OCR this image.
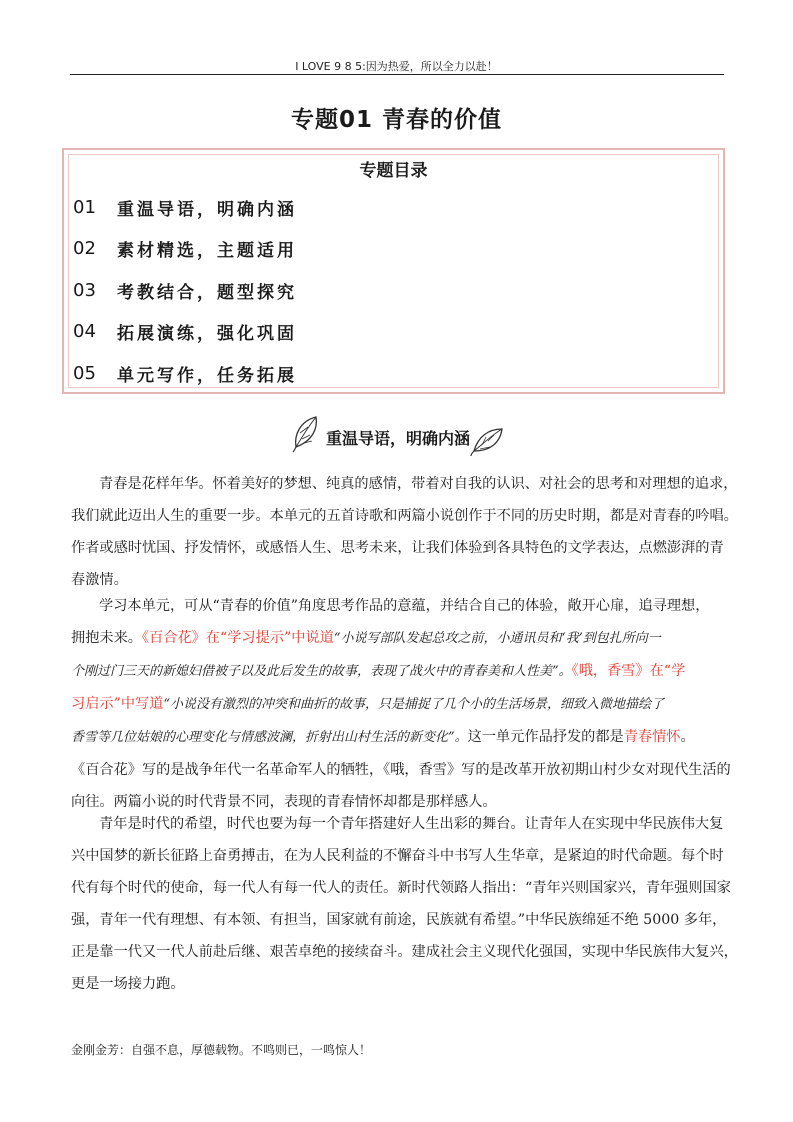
I LOVE 9 8 5:因为热爱，所以全力以赴！
专题01 青春的价值
专题目录
01	重温导语，明确内涵
02	素材精选，主题适用
03	考教结合，题型探究
04	拓展演练，强化巩固
05	单元写作，任务拓展
重温导语，明确内涵
青春是花样年华。怀着美好的梦想、纯真的感情，带着对自我的认识、对社会的思考和对理想的追求，
我们就此迈出人生的重要一步。本单元的五首诗歌和两篇小说创作于不同的历史时期，都是对青春的吟唱。
作者或感时忧国、抒发情怀，或感悟人生、思考未来，让我们体验到各具特色的文学表达，点燃澎湃的青
春激情。
学习本单元，可从“青春的价值”角度思考作品的意蕴，并结合自己的体验，敞开心扉，追寻理想，
拥抱未来。《百合花》在“学习提示”中说道“小说写部队发起总攻之前，小通讯员和‘我’到包扎所向一
个刚过门三天的新媳妇借被子以及此后发生的故事，表现了战火中的青春美和人性美”。《哦，香雪》在“学
习启示”中写道“小说没有激烈的冲突和曲折的故事，只是捕捉了几个小的生活场景，细致入微地描绘了
香雪等几位姑娘的心理变化与情感波澜，折射出山村生活的新变化”。这一单元作品抒发的都是青春情怀。
《百合花》写的是战争年代一名革命军人的牺牲，《哦，香雪》写的是改革开放初期山村少女对现代生活的
向往。两篇小说的时代背景不同，表现的青春情怀却都是那样感人。
青年是时代的希望，时代也要为每一个青年搭建好人生出彩的舞台。让青年人在实现中华民族伟大复
兴中国梦的新长征路上奋勇搏击，在为人民利益的不懈奋斗中书写人生华章，是紧迫的时代命题。每个时
代有每个时代的使命，每一代人有每一代人的责任。新时代领路人指出：“青年兴则国家兴，青年强则国家
强，青年一代有理想、有本领、有担当，国家就有前途，民族就有希望。”中华民族绵延不绝 5000 多年，
正是靠一代又一代人前赴后继、艰苦卓绝的接续奋斗。建成社会主义现代化强国，实现中华民族伟大复兴，
更是一场接力跑。
金刚金芳：自强不息，厚德载物。不鸣则已，一鸣惊人！
